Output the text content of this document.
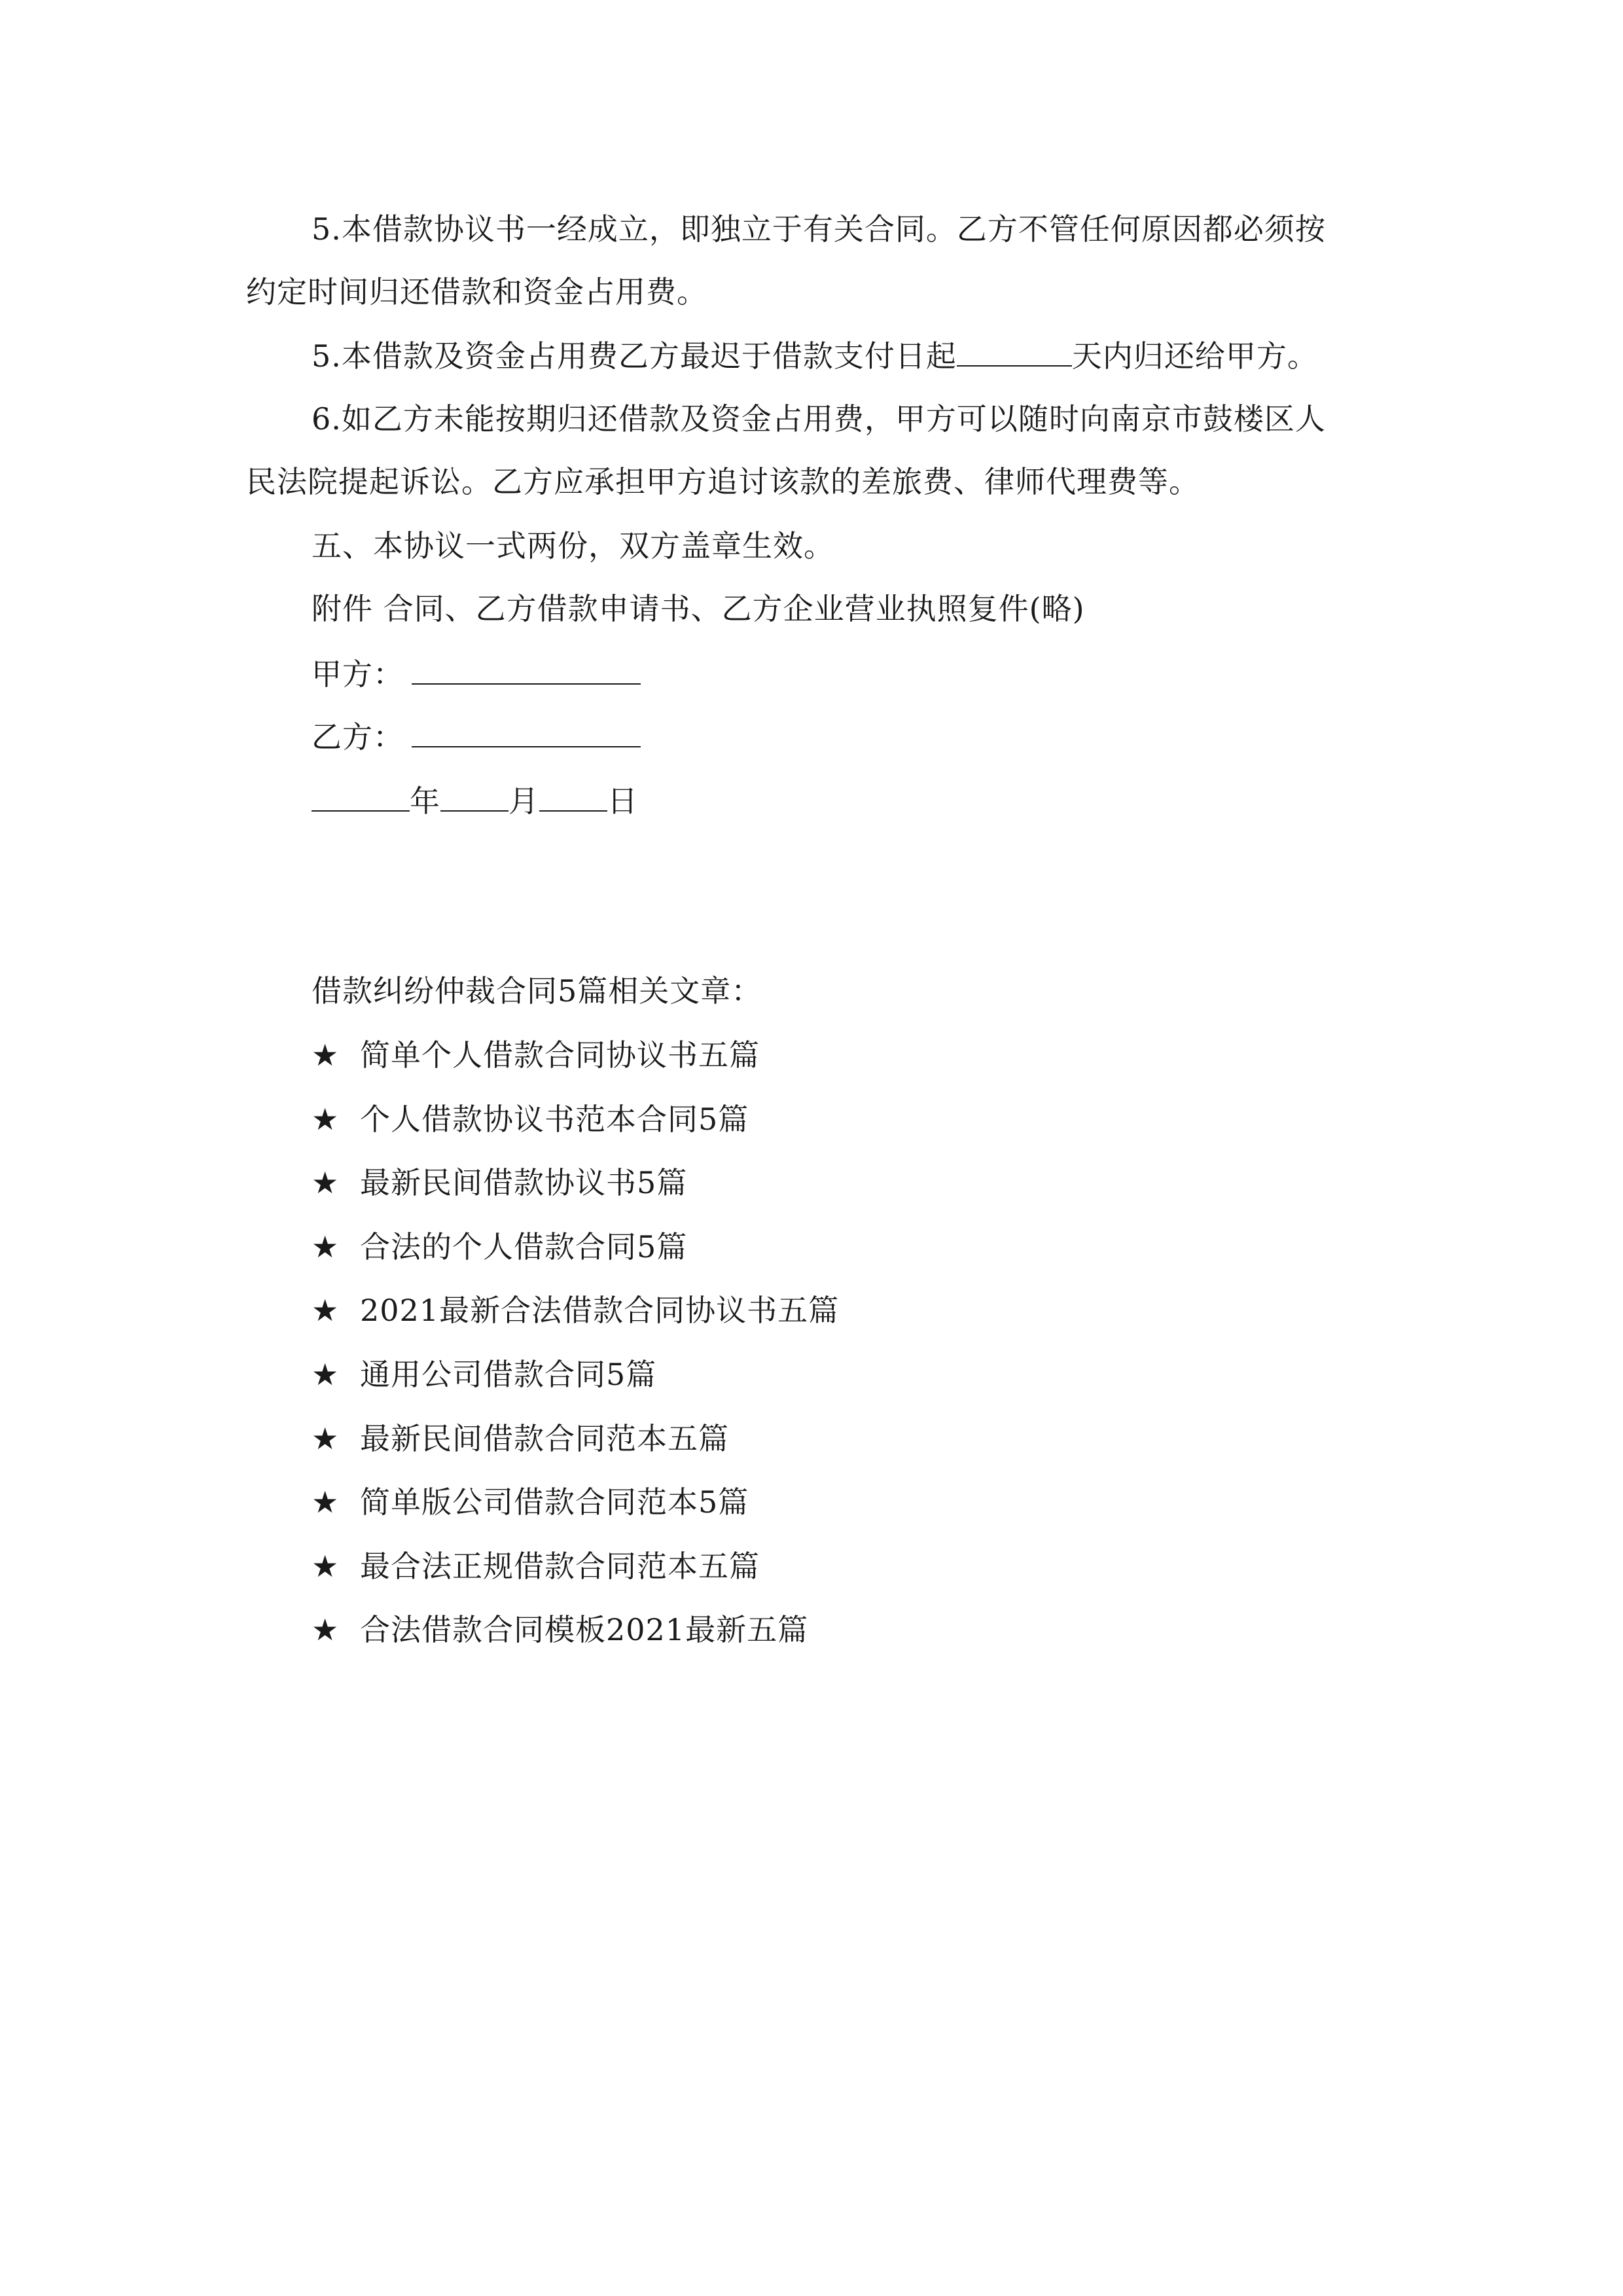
5.本借款协议书一经成立，即独立于有关合同。乙方不管任何原因都必须按
约定时间归还借款和资金占用费。
5.本借款及资金占用费乙方最迟于借款支付日起	天内归还给甲方。
6.如乙方未能按期归还借款及资金占用费，甲方可以随时向南京市鼓楼区人
民法院提起诉讼。乙方应承担甲方追讨该款的差旅费、律师代理费等。
五、本协议一式两份，双方盖章生效。
附件 合同、乙方借款申请书、乙方企业营业执照复件(略)
甲方：
乙方：
年 月 日
借款纠纷仲裁合同5篇相关文章：
★ 简单个人借款合同协议书五篇
★ 个人借款协议书范本合同5篇
★ 最新民间借款协议书5篇
★ 合法的个人借款合同5篇
★ 2021最新合法借款合同协议书五篇
★ 通用公司借款合同5篇
★ 最新民间借款合同范本五篇
★ 简单版公司借款合同范本5篇
★ 最合法正规借款合同范本五篇
★ 合法借款合同模板2021最新五篇
